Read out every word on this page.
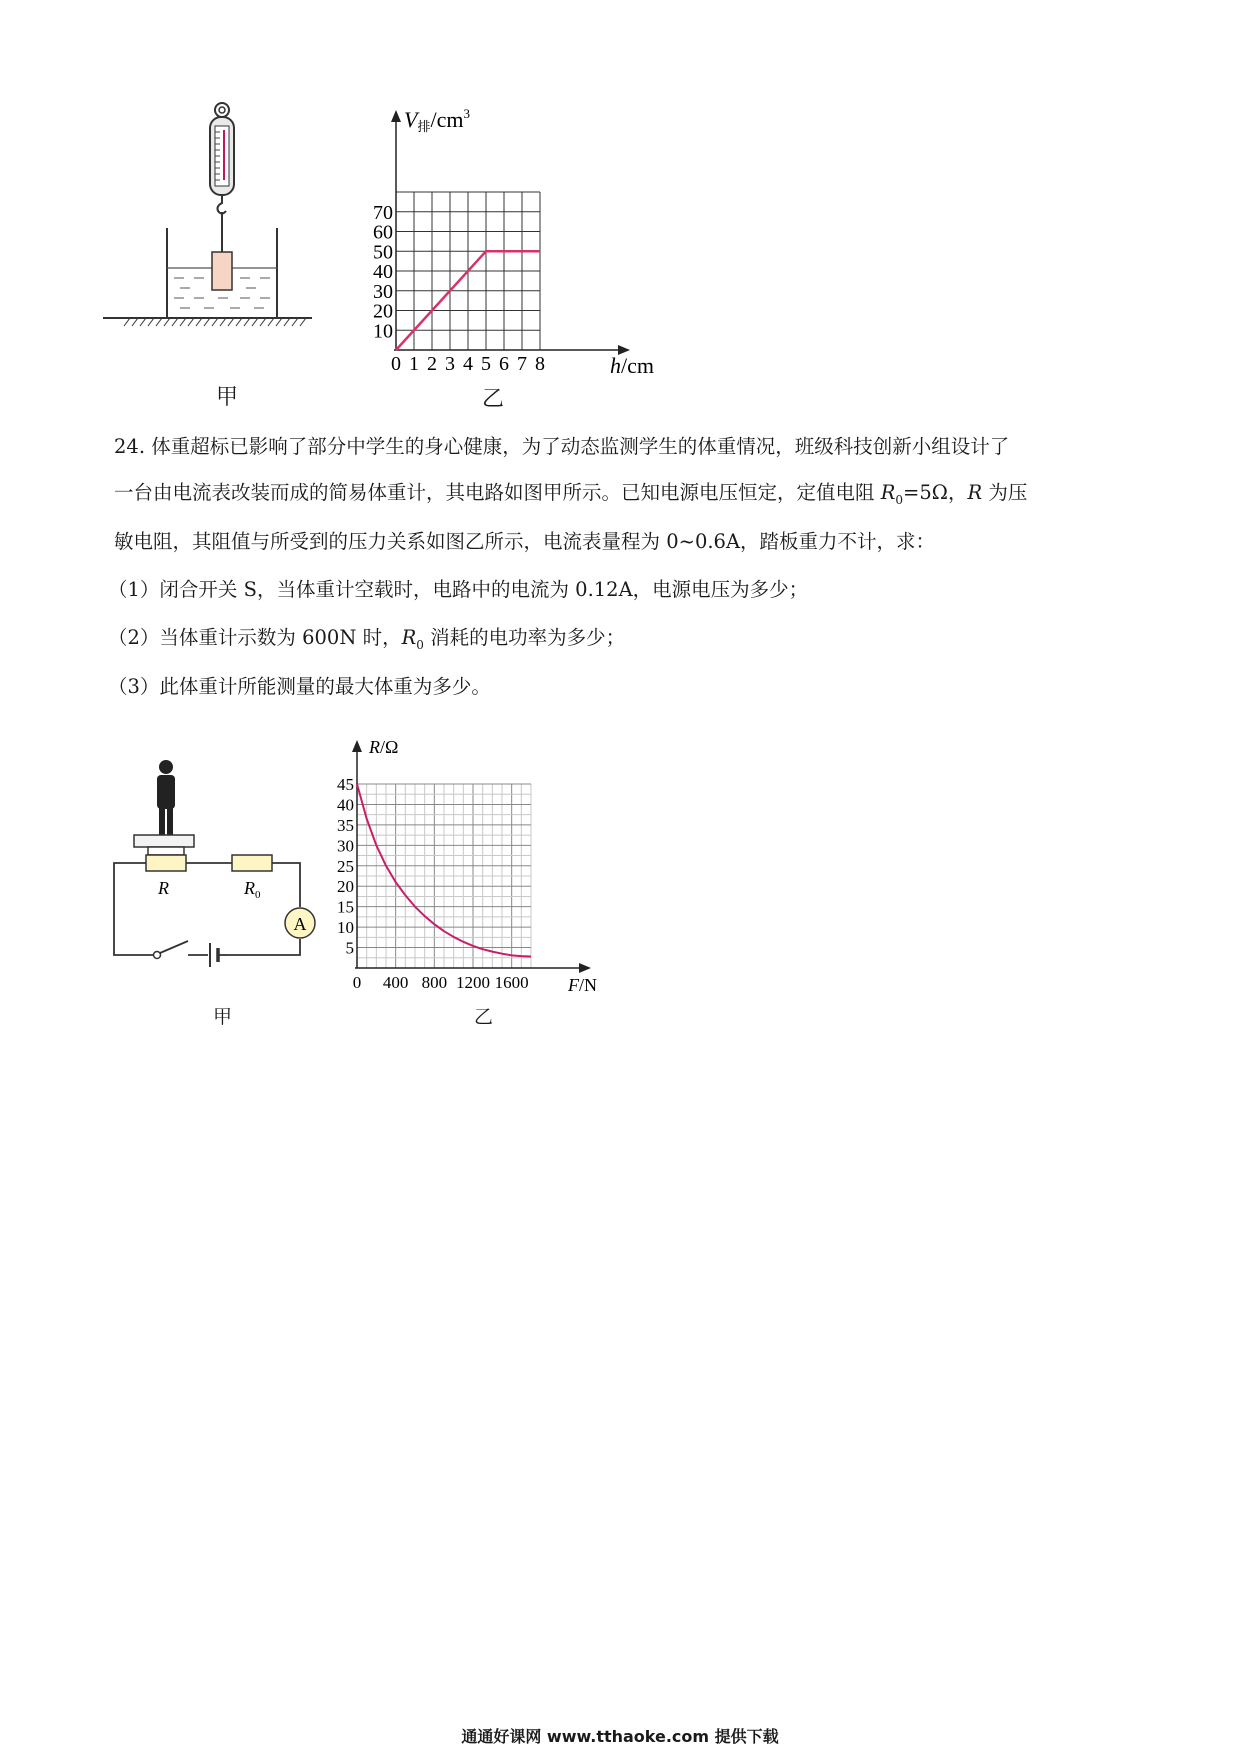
甲
V排$/cm^3$
h/cm
0 1 2 3 4 5 6 7 8
10
20
30
40
50
60
70
乙
24. 体重超标已影响了部分中学生的身心健康，为了动态监测学生的体重情况，班级科技创新小组设计了
一台由电流表改装而成的简易体重计，其电路如图甲所示。已知电源电压恒定，定值电阻 $R_0=5\Omega$，R 为压
敏电阻，其阻值与所受到的压力关系如图乙所示，电流表量程为 0~0.6A，踏板重力不计，求：
（1）闭合开关 S，当体重计空载时，电路中的电流为 0.12A，电源电压为多少；
（2）当体重计示数为 600N 时，$R_0$ 消耗的电功率为多少；
（3）此体重计所能测量的最大体重为多少。
A
R	$R_0$
甲
R/Ω
F/N
0 400 800 1200 1600
5
10
15
20
25
30
35
40
45
乙
通通好课网 www.tthaoke.com 提供下载
